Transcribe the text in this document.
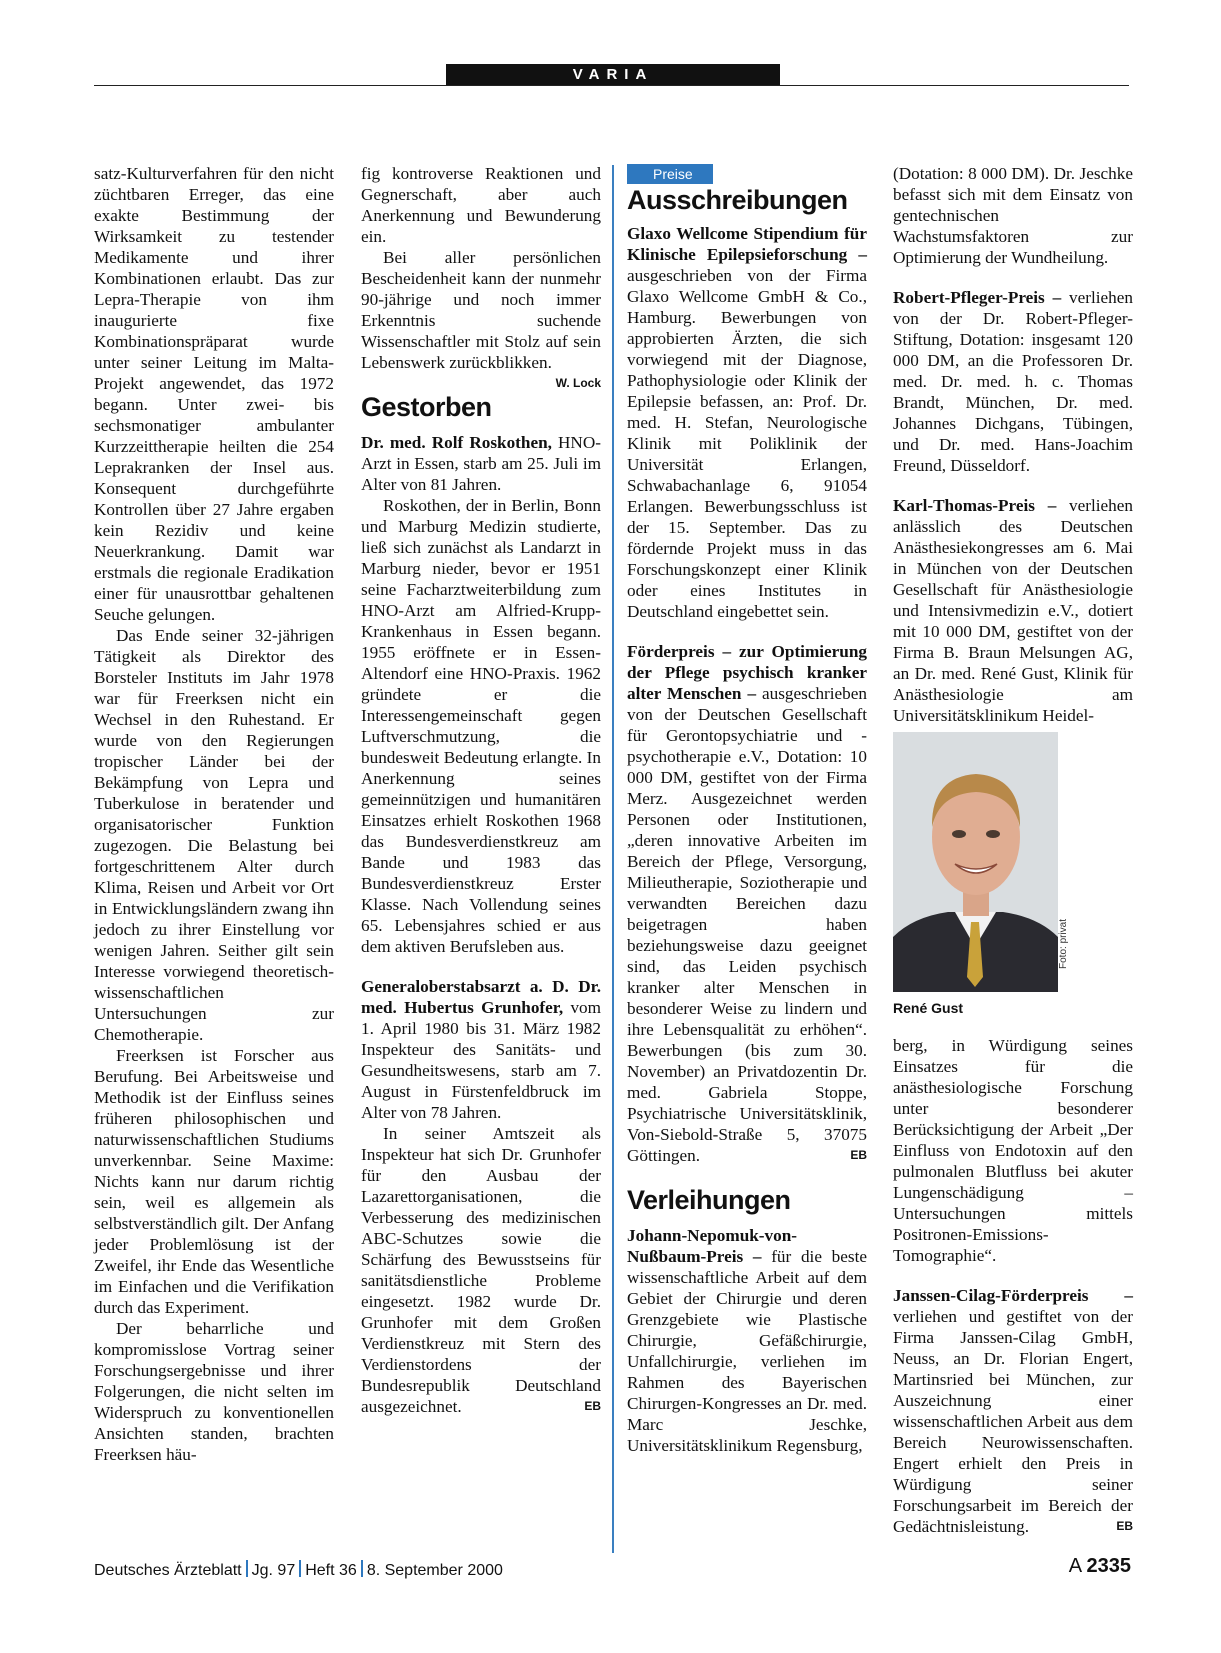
VARIA

satz-Kulturverfahren für den nicht züchtbaren Erreger, das eine exakte Bestimmung der Wirksamkeit zu testender Medikamente und ihrer Kombinationen erlaubt. Das zur Lepra-Therapie von ihm inaugurierte fixe Kombinationspräparat wurde unter seiner Leitung im Malta-Projekt angewendet, das 1972 begann. Unter zwei- bis sechsmonatiger ambulanter Kurzzeittherapie heilten die 254 Leprakranken der Insel aus. Konsequent durchgeführte Kontrollen über 27 Jahre ergaben kein Rezidiv und keine Neuerkrankung. Damit war erstmals die regionale Eradikation einer für unausrottbar gehaltenen Seuche gelungen.

Das Ende seiner 32-jährigen Tätigkeit als Direktor des Borsteler Instituts im Jahr 1978 war für Freerksen nicht ein Wechsel in den Ruhestand. Er wurde von den Regierungen tropischer Länder bei der Bekämpfung von Lepra und Tuberkulose in beratender und organisatorischer Funktion zugezogen. Die Belastung bei fortgeschrittenem Alter durch Klima, Reisen und Arbeit vor Ort in Entwicklungsländern zwang ihn jedoch zu ihrer Einstellung vor wenigen Jahren. Seither gilt sein Interesse vorwiegend theoretisch-wissenschaftlichen Untersuchungen zur Chemotherapie.

Freerksen ist Forscher aus Berufung. Bei Arbeitsweise und Methodik ist der Einfluss seines früheren philosophischen und naturwissenschaftlichen Studiums unverkennbar. Seine Maxime: Nichts kann nur darum richtig sein, weil es allgemein als selbstverständlich gilt. Der Anfang jeder Problemlösung ist der Zweifel, ihr Ende das Wesentliche im Einfachen und die Verifikation durch das Experiment.

Der beharrliche und kompromisslose Vortrag seiner Forschungsergebnisse und ihrer Folgerungen, die nicht selten im Widerspruch zu konventionellen Ansichten standen, brachten Freerksen häu-

fig kontroverse Reaktionen und Gegnerschaft, aber auch Anerkennung und Bewunderung ein.

Bei aller persönlichen Bescheidenheit kann der nunmehr 90-jährige und noch immer Erkenntnis suchende Wissenschaftler mit Stolz auf sein Lebenswerk zurückblikken.
W. Lock

Gestorben

Dr. med. Rolf Roskothen, HNO-Arzt in Essen, starb am 25. Juli im Alter von 81 Jahren.

Roskothen, der in Berlin, Bonn und Marburg Medizin studierte, ließ sich zunächst als Landarzt in Marburg nieder, bevor er 1951 seine Facharztweiterbildung zum HNO-Arzt am Alfried-Krupp-Krankenhaus in Essen begann. 1955 eröffnete er in Essen-Altendorf eine HNO-Praxis. 1962 gründete er die Interessengemeinschaft gegen Luftverschmutzung, die bundesweit Bedeutung erlangte. In Anerkennung seines gemeinnützigen und humanitären Einsatzes erhielt Roskothen 1968 das Bundesverdienstkreuz am Bande und 1983 das Bundesverdienstkreuz Erster Klasse. Nach Vollendung seines 65. Lebensjahres schied er aus dem aktiven Berufsleben aus.

Generaloberstabsarzt a. D. Dr. med. Hubertus Grunhofer, vom 1. April 1980 bis 31. März 1982 Inspekteur des Sanitäts- und Gesundheitswesens, starb am 7. August in Fürstenfeldbruck im Alter von 78 Jahren.

In seiner Amtszeit als Inspekteur hat sich Dr. Grunhofer für den Ausbau der Lazarettorganisationen, die Verbesserung des medizinischen ABC-Schutzes sowie die Schärfung des Bewusstseins für sanitätsdienstliche Probleme eingesetzt. 1982 wurde Dr. Grunhofer mit dem Großen Verdienstkreuz mit Stern des Verdienstordens der Bundesrepublik Deutschland ausgezeichnet.	EB

Preise
Ausschreibungen

Glaxo Wellcome Stipendium für Klinische Epilepsieforschung – ausgeschrieben von der Firma Glaxo Wellcome GmbH & Co., Hamburg. Bewerbungen von approbierten Ärzten, die sich vorwiegend mit der Diagnose, Pathophysiologie oder Klinik der Epilepsie befassen, an: Prof. Dr. med. H. Stefan, Neurologische Klinik mit Poliklinik der Universität Erlangen, Schwabachanlage 6, 91054 Erlangen. Bewerbungsschluss ist der 15. September. Das zu fördernde Projekt muss in das Forschungskonzept einer Klinik oder eines Institutes in Deutschland eingebettet sein.

Förderpreis – zur Optimierung der Pflege psychisch kranker alter Menschen – ausgeschrieben von der Deutschen Gesellschaft für Gerontopsychiatrie und -psychotherapie e.V., Dotation: 10 000 DM, gestiftet von der Firma Merz. Ausgezeichnet werden Personen oder Institutionen, „deren innovative Arbeiten im Bereich der Pflege, Versorgung, Milieutherapie, Soziotherapie und verwandten Bereichen dazu beigetragen haben beziehungsweise dazu geeignet sind, das Leiden psychisch kranker alter Menschen in besonderer Weise zu lindern und ihre Lebensqualität zu erhöhen“. Bewerbungen (bis zum 30. November) an Privatdozentin Dr. med. Gabriela Stoppe, Psychiatrische Universitätsklinik, Von-Siebold-Straße 5, 37075 Göttingen.	EB

Verleihungen

Johann-Nepomuk-von-Nußbaum-Preis – für die beste wissenschaftliche Arbeit auf dem Gebiet der Chirurgie und deren Grenzgebiete wie Plastische Chirurgie, Gefäßchirurgie, Unfallchirurgie, verliehen im Rahmen des Bayerischen Chirurgen-Kongresses an Dr. med. Marc Jeschke, Universitätsklinikum Regensburg,

(Dotation: 8 000 DM). Dr. Jeschke befasst sich mit dem Einsatz von gentechnischen Wachstumsfaktoren zur Optimierung der Wundheilung.

Robert-Pfleger-Preis – verliehen von der Dr. Robert-Pfleger-Stiftung, Dotation: insgesamt 120 000 DM, an die Professoren Dr. med. Dr. med. h. c. Thomas Brandt, München, Dr. med. Johannes Dichgans, Tübingen, und Dr. med. Hans-Joachim Freund, Düsseldorf.

Karl-Thomas-Preis – verliehen anlässlich des Deutschen Anästhesiekongresses am 6. Mai in München von der Deutschen Gesellschaft für Anästhesiologie und Intensivmedizin e.V., dotiert mit 10 000 DM, gestiftet von der Firma B. Braun Melsungen AG, an Dr. med. René Gust, Klinik für Anästhesiologie am Universitätsklinikum Heidel-

René Gust

berg, in Würdigung seines Einsatzes für die anästhesiologische Forschung unter besonderer Berücksichtigung der Arbeit „Der Einfluss von Endotoxin auf den pulmonalen Blutfluss bei akuter Lungenschädigung – Untersuchungen mittels Positronen-Emissions-Tomographie“.

Janssen-Cilag-Förderpreis – verliehen und gestiftet von der Firma Janssen-Cilag GmbH, Neuss, an Dr. Florian Engert, Martinsried bei München, zur Auszeichnung einer wissenschaftlichen Arbeit aus dem Bereich Neurowissenschaften. Engert erhielt den Preis in Würdigung seiner Forschungsarbeit im Bereich der Gedächtnisleistung.	EB

Foto: privat
Deutsches Ärzteblatt Jg. 97 Heft 36 8. September 2000	A 2335
